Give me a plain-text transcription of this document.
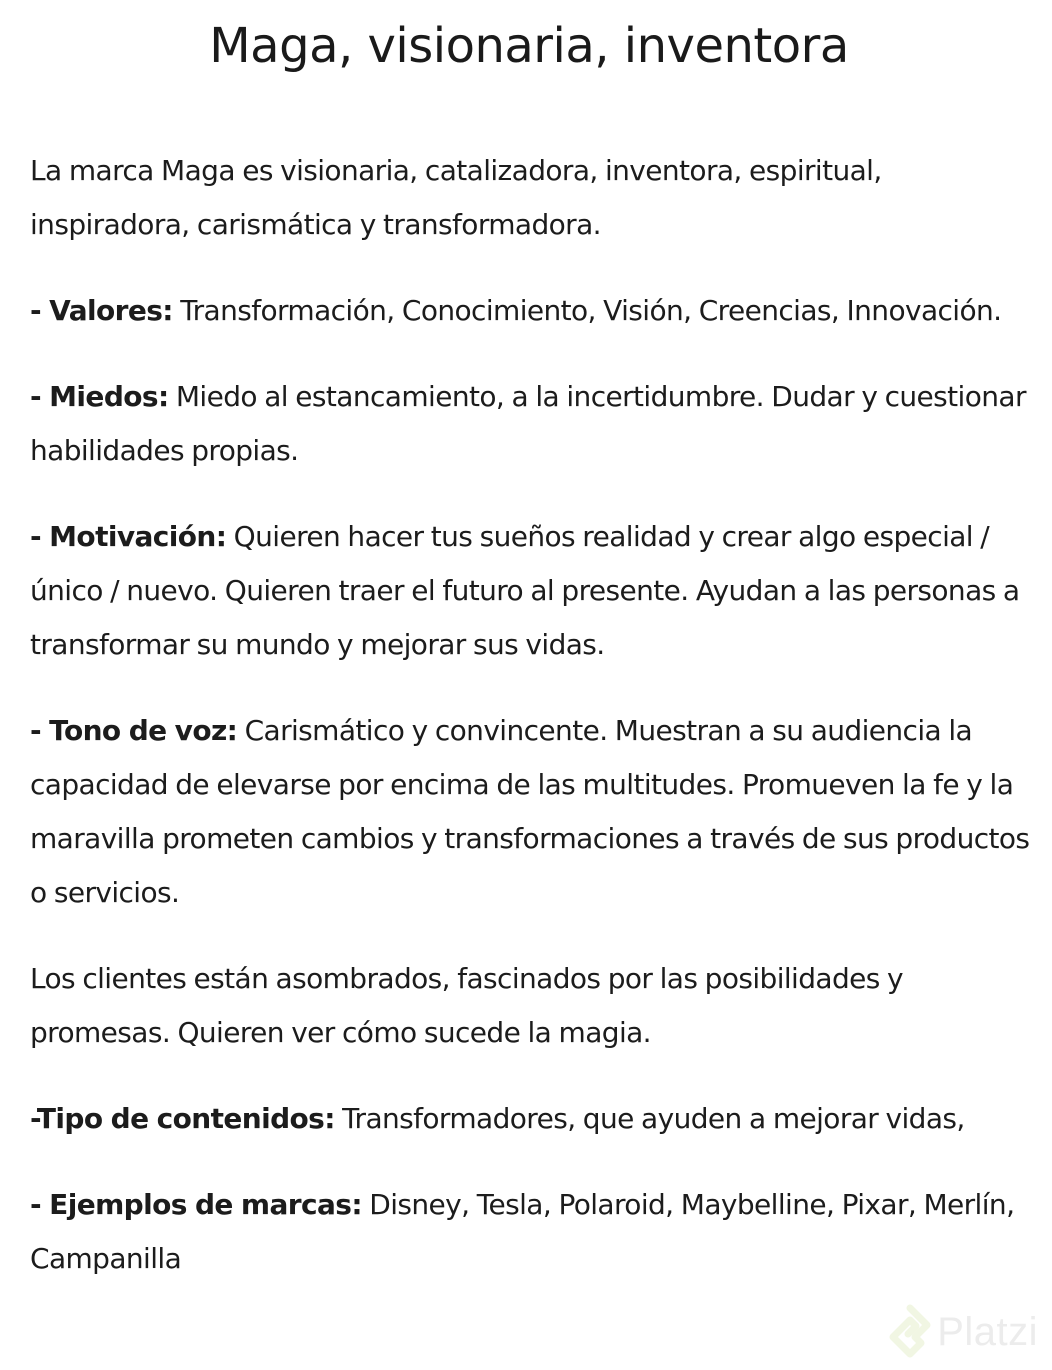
Maga, visionaria, inventora

La marca Maga es visionaria, catalizadora, inventora, espiritual, inspiradora, carismática y transformadora.

- Valores: Transformación, Conocimiento, Visión, Creencias, Innovación.

- Miedos: Miedo al estancamiento, a la incertidumbre. Dudar y cuestionar habilidades propias.

- Motivación: Quieren hacer tus sueños realidad y crear algo especial / único / nuevo. Quieren traer el futuro al presente. Ayudan a las personas a transformar su mundo y mejorar sus vidas.

- Tono de voz: Carismático y convincente. Muestran a su audiencia la capacidad de elevarse por encima de las multitudes. Promueven la fe y la maravilla prometen cambios y transformaciones a través de sus productos o servicios.

Los clientes están asombrados, fascinados por las posibilidades y promesas. Quieren ver cómo sucede la magia.

-Tipo de contenidos: Transformadores, que ayuden a mejorar vidas,

- Ejemplos de marcas: Disney, Tesla, Polaroid, Maybelline, Pixar, Merlín, Campanilla

Platzi
